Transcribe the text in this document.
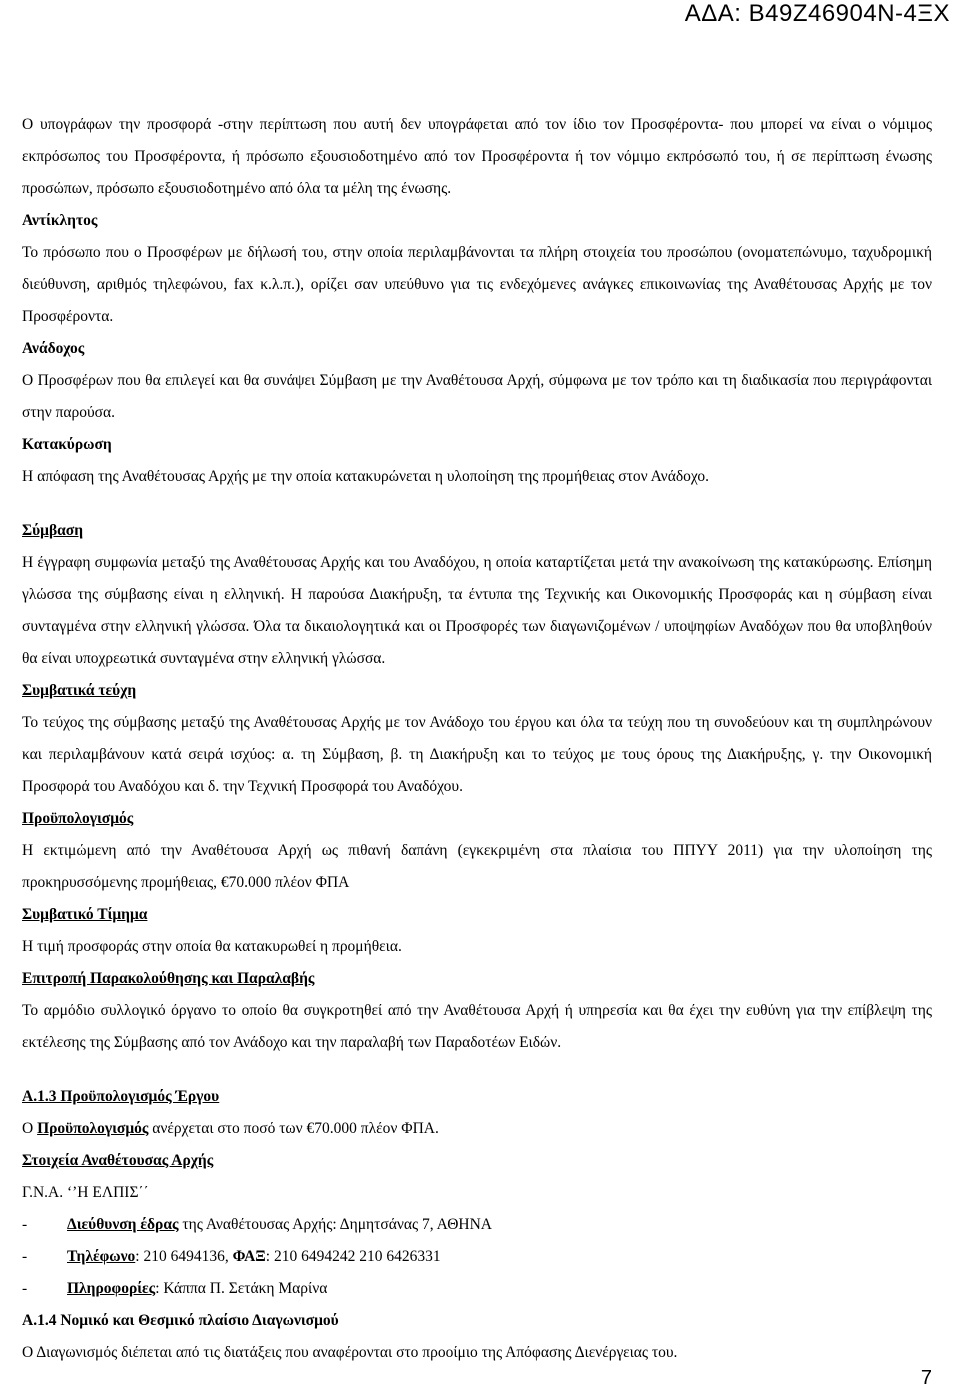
ΑΔΑ: Β49Ζ46904Ν-4ΞΧ

Ο υπογράφων την προσφορά -στην περίπτωση που αυτή δεν υπογράφεται από τον ίδιο τον Προσφέροντα- που μπορεί να είναι ο νόμιμος εκπρόσωπος του Προσφέροντα, ή πρόσωπο εξουσιοδοτημένο από τον Προσφέροντα ή τον νόμιμο εκπρόσωπό του, ή σε περίπτωση ένωσης προσώπων, πρόσωπο εξουσιοδοτημένο από όλα τα μέλη της ένωσης.

Αντίκλητος

Το πρόσωπο που ο Προσφέρων με δήλωσή του, στην οποία περιλαμβάνονται τα πλήρη στοιχεία του προσώπου (ονοματεπώνυμο, ταχυδρομική διεύθυνση, αριθμός τηλεφώνου, fax κ.λ.π.), ορίζει σαν υπεύθυνο για τις ενδεχόμενες ανάγκες επικοινωνίας της Αναθέτουσας Αρχής με τον Προσφέροντα.

Ανάδοχος

Ο Προσφέρων που θα επιλεγεί και θα συνάψει Σύμβαση με την Αναθέτουσα Αρχή, σύμφωνα με τον τρόπο και τη διαδικασία που περιγράφονται στην παρούσα.

Κατακύρωση

Η απόφαση της Αναθέτουσας Αρχής με την οποία κατακυρώνεται η υλοποίηση της προμήθειας στον Ανάδοχο.

Σύμβαση

Η έγγραφη συμφωνία μεταξύ της Αναθέτουσας Αρχής και του Αναδόχου, η οποία καταρτίζεται μετά την ανακοίνωση της κατακύρωσης. Επίσημη γλώσσα της σύμβασης είναι η ελληνική. Η παρούσα Διακήρυξη, τα έντυπα της Τεχνικής και Οικονομικής Προσφοράς και η σύμβαση είναι συνταγμένα στην ελληνική γλώσσα. Όλα τα δικαιολογητικά και οι Προσφορές των διαγωνιζομένων / υποψηφίων Αναδόχων που θα υποβληθούν θα είναι υποχρεωτικά συνταγμένα στην ελληνική γλώσσα.

Συμβατικά τεύχη

Το τεύχος της σύμβασης μεταξύ της Αναθέτουσας Αρχής με τον Ανάδοχο του έργου και όλα τα τεύχη που τη συνοδεύουν και τη συμπληρώνουν και περιλαμβάνουν κατά σειρά ισχύος: α. τη Σύμβαση, β. τη Διακήρυξη και το τεύχος με τους όρους της Διακήρυξης, γ. την Οικονομική Προσφορά του Αναδόχου και δ. την Τεχνική Προσφορά του Αναδόχου.

Προϋπολογισμός

Η εκτιμώμενη από την Αναθέτουσα Αρχή ως πιθανή δαπάνη (εγκεκριμένη στα πλαίσια του ΠΠΥΥ 2011) για την υλοποίηση της προκηρυσσόμενης προμήθειας, €70.000 πλέον ΦΠΑ

Συμβατικό Τίμημα

Η τιμή προσφοράς στην οποία θα κατακυρωθεί η προμήθεια.

Επιτροπή Παρακολούθησης και Παραλαβής

Το αρμόδιο συλλογικό όργανο το οποίο θα συγκροτηθεί από την Αναθέτουσα Αρχή ή υπηρεσία και θα έχει την ευθύνη για την επίβλεψη της εκτέλεσης της Σύμβασης από τον Ανάδοχο και την παραλαβή των Παραδοτέων Ειδών.

Α.1.3 Προϋπολογισμός Έργου

Ο Προϋπολογισμός ανέρχεται στο ποσό των €70.000 πλέον ΦΠΑ.

Στοιχεία Αναθέτουσας Αρχής

Γ.Ν.Α. ‘’Η ΕΛΠΙΣ΄΄

-	Διεύθυνση έδρας της Αναθέτουσας Αρχής: Δημητσάνας 7, ΑΘΗΝΑ
-	Τηλέφωνο: 210 6494136, ΦΑΞ: 210 6494242 210 6426331
-	Πληροφορίες: Κάππα Π. Σετάκη Μαρίνα

Α.1.4 Νομικό και Θεσμικό πλαίσιο Διαγωνισμού

Ο Διαγωνισμός διέπεται από τις διατάξεις που αναφέρονται στο προοίμιο της Απόφασης Διενέργειας του.

7
